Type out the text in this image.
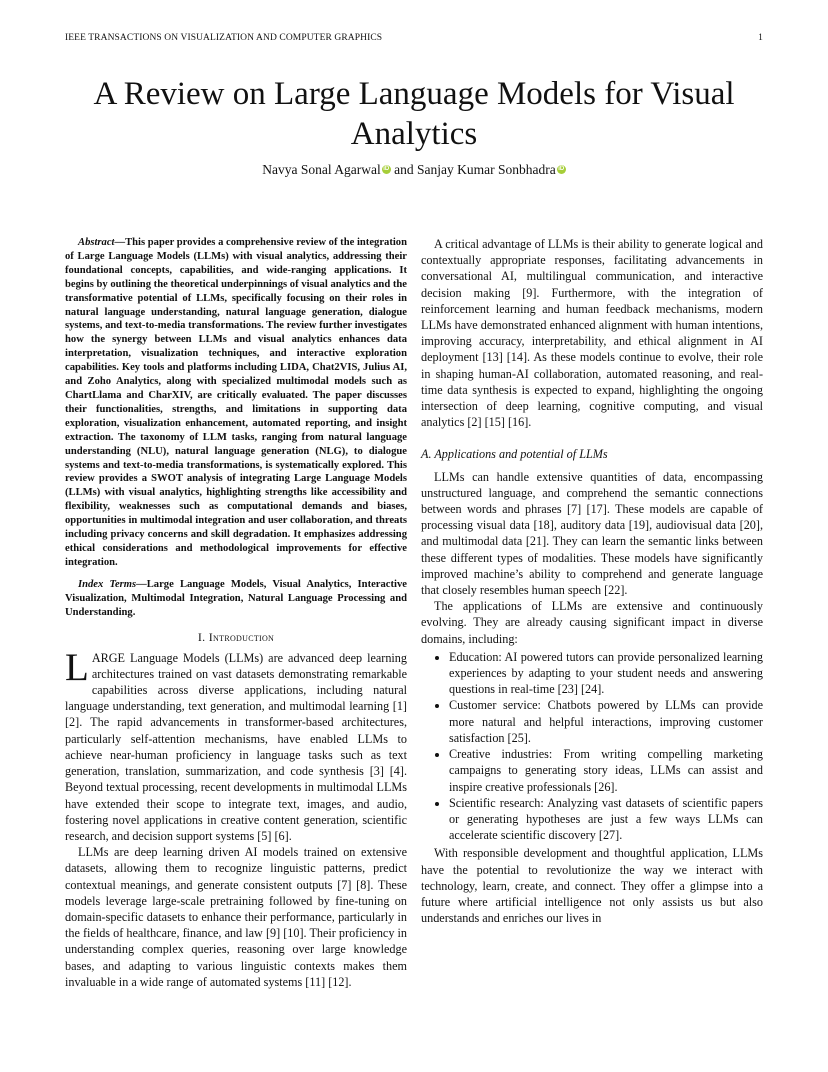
IEEE TRANSACTIONS ON VISUALIZATION AND COMPUTER GRAPHICS	1
A Review on Large Language Models for Visual Analytics
Navya Sonal Agarwal iD and Sanjay Kumar Sonbhadra iD

Abstract—This paper provides a comprehensive review of the integration of Large Language Models (LLMs) with visual analytics, addressing their foundational concepts, capabilities, and wide-ranging applications. It begins by outlining the theoretical underpinnings of visual analytics and the transformative potential of LLMs, specifically focusing on their roles in natural language understanding, natural language generation, dialogue systems, and text-to-media transformations. The review further investigates how the synergy between LLMs and visual analytics enhances data interpretation, visualization techniques, and interactive exploration capabilities. Key tools and platforms including LIDA, Chat2VIS, Julius AI, and Zoho Analytics, along with specialized multimodal models such as ChartLlama and CharXIV, are critically evaluated. The paper discusses their functionalities, strengths, and limitations in supporting data exploration, visualization enhancement, automated reporting, and insight extraction. The taxonomy of LLM tasks, ranging from natural language understanding (NLU), natural language generation (NLG), to dialogue systems and text-to-media transformations, is systematically explored. This review provides a SWOT analysis of integrating Large Language Models (LLMs) with visual analytics, highlighting strengths like accessibility and flexibility, weaknesses such as computational demands and biases, opportunities in multimodal integration and user collaboration, and threats including privacy concerns and skill degradation. It emphasizes addressing ethical considerations and methodological improvements for effective integration.

Index Terms—Large Language Models, Visual Analytics, Interactive Visualization, Multimodal Integration, Natural Language Processing and Understanding.

I. Introduction

LARGE Language Models (LLMs) are advanced deep learning architectures trained on vast datasets demonstrating remarkable capabilities across diverse applications, including natural language understanding, text generation, and multimodal learning [1] [2]. The rapid advancements in transformer-based architectures, particularly self-attention mechanisms, have enabled LLMs to achieve near-human proficiency in language tasks such as text generation, translation, summarization, and code synthesis [3] [4]. Beyond textual processing, recent developments in multimodal LLMs have extended their scope to integrate text, images, and audio, fostering novel applications in creative content generation, scientific research, and decision support systems [5] [6].

LLMs are deep learning driven AI models trained on extensive datasets, allowing them to recognize linguistic patterns, predict contextual meanings, and generate consistent outputs [7] [8]. These models leverage large-scale pretraining followed by fine-tuning on domain-specific datasets to enhance their performance, particularly in the fields of healthcare, finance, and law [9] [10]. Their proficiency in understanding complex queries, reasoning over large knowledge bases, and adapting to various linguistic contexts makes them invaluable in a wide range of automated systems [11] [12].

A critical advantage of LLMs is their ability to generate logical and contextually appropriate responses, facilitating advancements in conversational AI, multilingual communication, and interactive decision making [9]. Furthermore, with the integration of reinforcement learning and human feedback mechanisms, modern LLMs have demonstrated enhanced alignment with human intentions, improving accuracy, interpretability, and ethical alignment in AI deployment [13] [14]. As these models continue to evolve, their role in shaping human-AI collaboration, automated reasoning, and real-time data synthesis is expected to expand, highlighting the ongoing intersection of deep learning, cognitive computing, and visual analytics [2] [15] [16].

A. Applications and potential of LLMs

LLMs can handle extensive quantities of data, encompassing unstructured language, and comprehend the semantic connections between words and phrases [7] [17]. These models are capable of processing visual data [18], auditory data [19], audiovisual data [20], and multimodal data [21]. They can learn the semantic links between these different types of modalities. These models have significantly improved machine’s ability to comprehend and generate language that closely resembles human speech [22].

The applications of LLMs are extensive and continuously evolving. They are already causing significant impact in diverse domains, including:

• Education: AI powered tutors can provide personalized learning experiences by adapting to your student needs and answering questions in real-time [23] [24].
• Customer service: Chatbots powered by LLMs can provide more natural and helpful interactions, improving customer satisfaction [25].
• Creative industries: From writing compelling marketing campaigns to generating story ideas, LLMs can assist and inspire creative professionals [26].
• Scientific research: Analyzing vast datasets of scientific papers or generating hypotheses are just a few ways LLMs can accelerate scientific discovery [27].

With responsible development and thoughtful application, LLMs have the potential to revolutionize the way we interact with technology, learn, create, and connect. They offer a glimpse into a future where artificial intelligence not only assists us but also understands and enriches our lives in
